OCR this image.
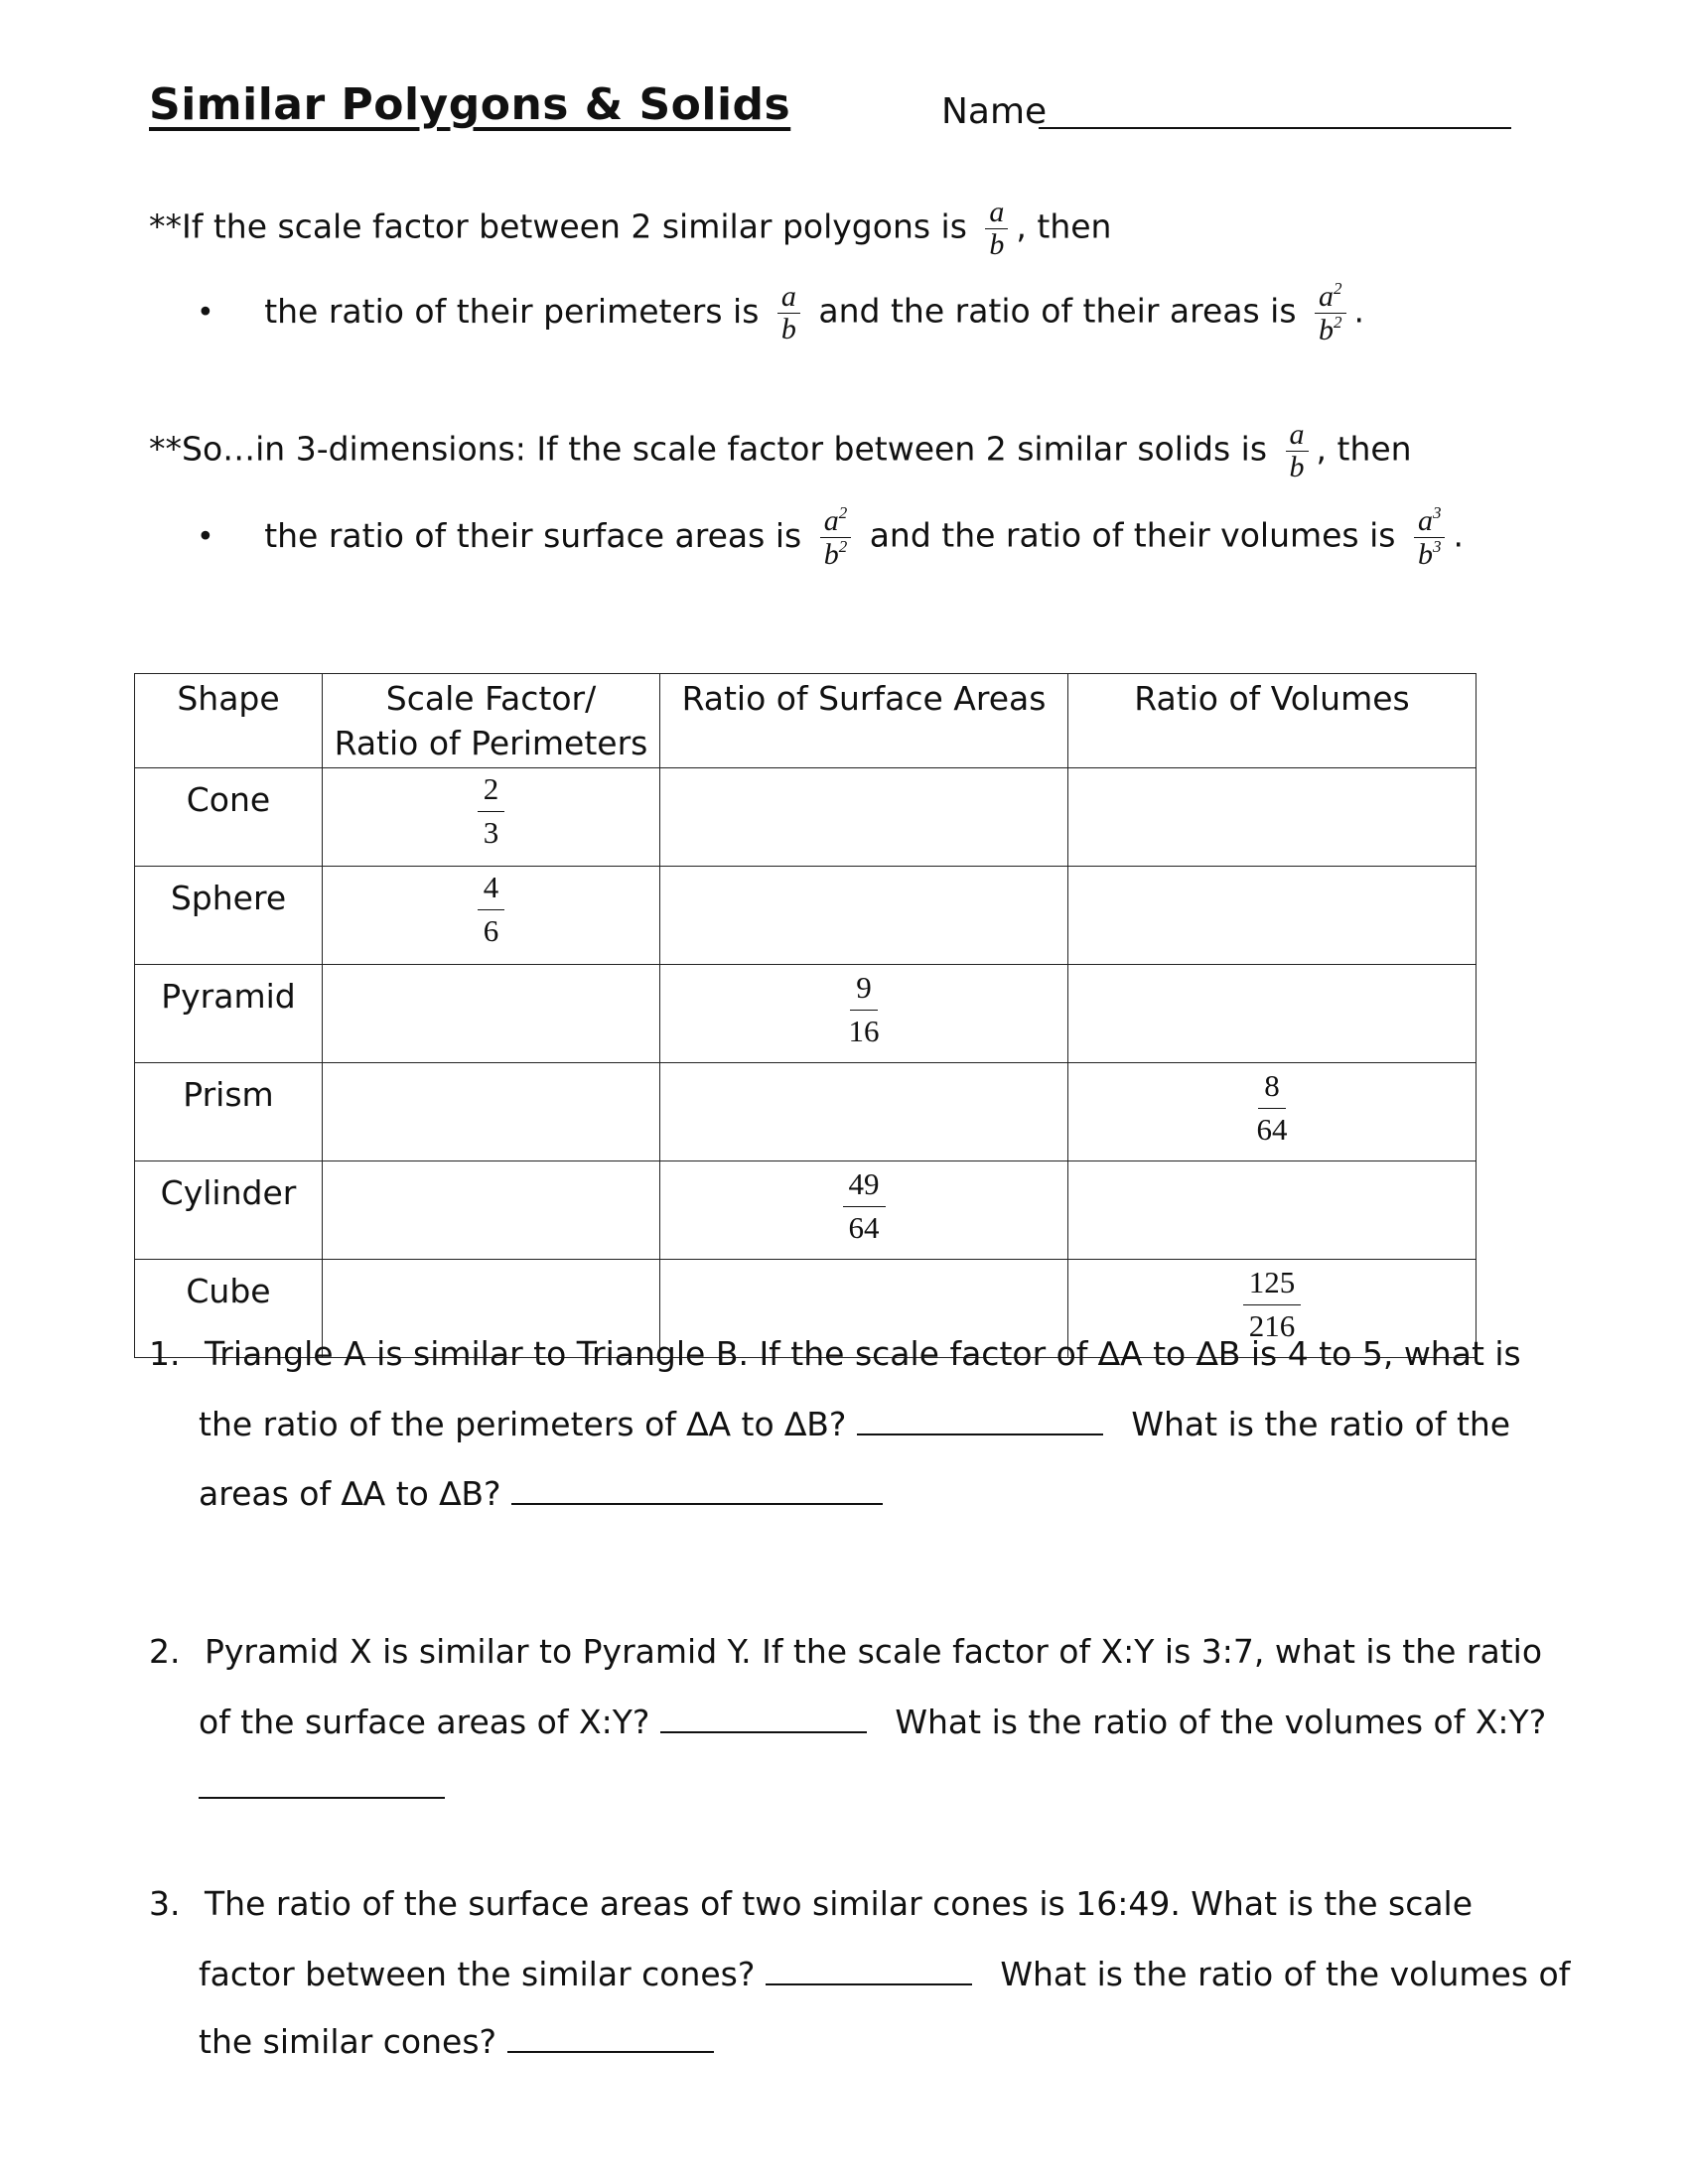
Similar Polygons & Solids	Name
**If the scale factor between 2 similar polygons is $\frac{a}{b}$ , then
• the ratio of their perimeters is $\frac{a}{b}$ and the ratio of their areas is $\frac{a^2}{b^2}$ .
**So…in 3-dimensions: If the scale factor between 2 similar solids is $\frac{a}{b}$ , then
• the ratio of their surface areas is $\frac{a^2}{b^2}$ and the ratio of their volumes is $\frac{a^3}{b^3}$ .
Shape	Scale Factor/
Ratio of Perimeters	Ratio of Surface Areas	Ratio of Volumes
Cone	$\frac{2}{3}$

Sphere	$\frac{4}{6}$

Pyramid		$\frac{9}{16}$

Prism			$\frac{8}{64}$

Cylinder		$\frac{49}{64}$

Cube			$\frac{125}{216}$
1. Triangle A is similar to Triangle B. If the scale factor of ∆A to ∆B is 4 to 5, what is
the ratio of the perimeters of ∆A to ∆B?	What is the ratio of the
areas of ∆A to ∆B?
2. Pyramid X is similar to Pyramid Y. If the scale factor of X:Y is 3:7, what is the ratio
of the surface areas of X:Y?	What is the ratio of the volumes of X:Y?
3. The ratio of the surface areas of two similar cones is 16:49. What is the scale
factor between the similar cones?	What is the ratio of the volumes of
the similar cones?
